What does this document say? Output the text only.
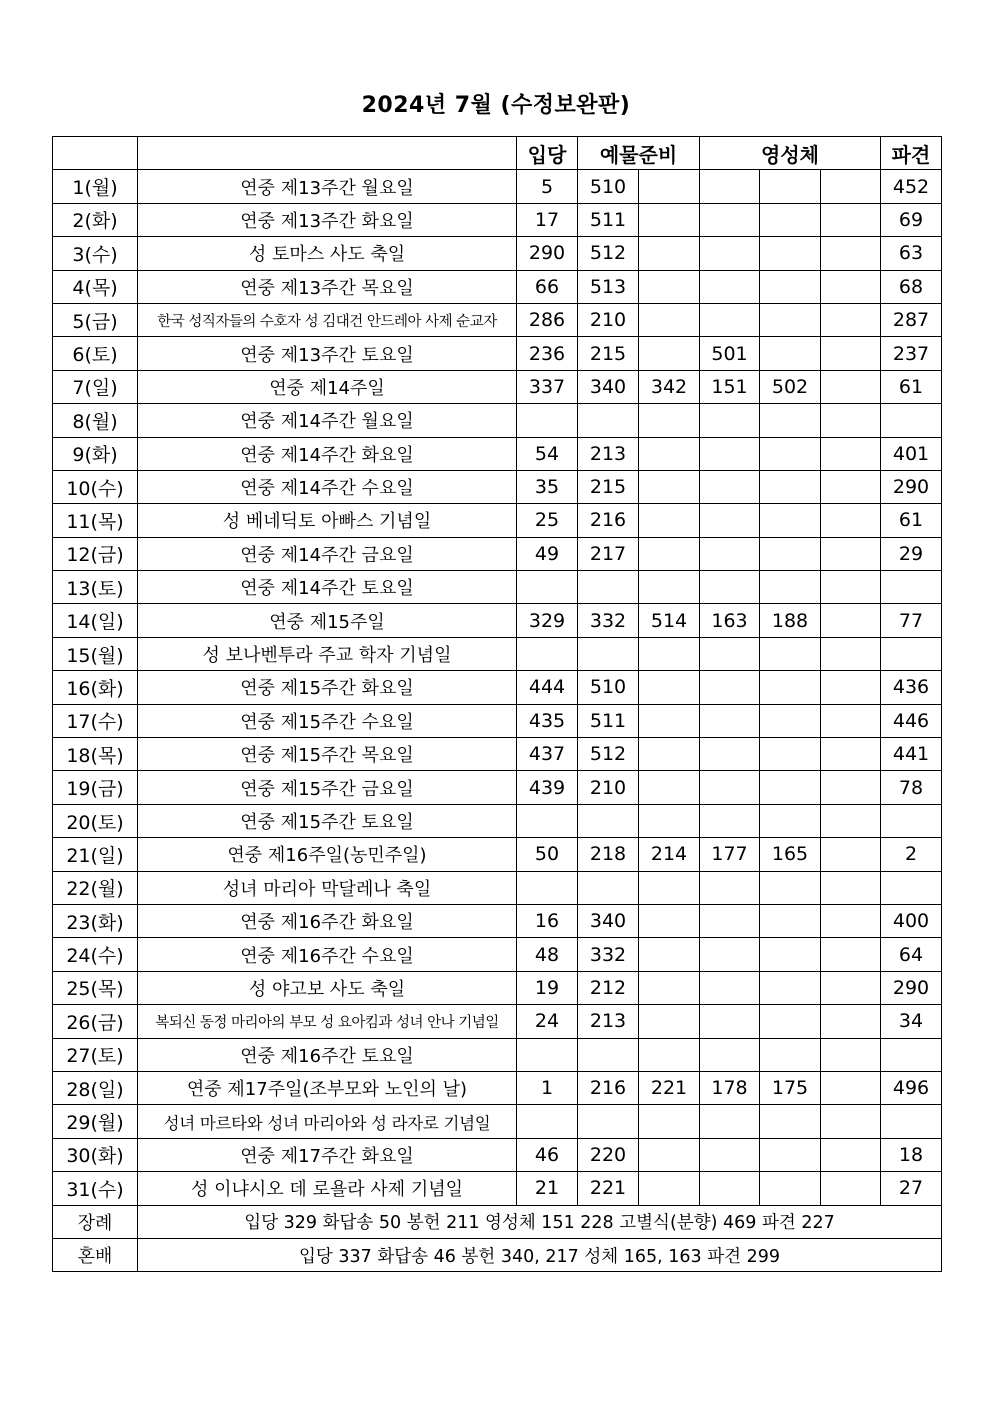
2024년 7월 (수정보완판)
		입당	예물준비		영성체			파견
1(월)	연중 제13주간 월요일	5	510					452
2(화)	연중 제13주간 화요일	17	511					69
3(수)	성 토마스 사도 축일	290	512					63
4(목)	연중 제13주간 목요일	66	513					68
5(금)	한국 성직자들의 수호자 성 김대건 안드레아 사제 순교자	286	210					287
6(토)	연중 제13주간 토요일	236	215		501			237
7(일)	연중 제14주일	337	340	342	151	502		61
8(월)	연중 제14주간 월요일							
9(화)	연중 제14주간 화요일	54	213					401
10(수)	연중 제14주간 수요일	35	215					290
11(목)	성 베네딕토 아빠스 기념일	25	216					61
12(금)	연중 제14주간 금요일	49	217					29
13(토)	연중 제14주간 토요일							
14(일)	연중 제15주일	329	332	514	163	188		77
15(월)	성 보나벤투라 주교 학자 기념일							
16(화)	연중 제15주간 화요일	444	510					436
17(수)	연중 제15주간 수요일	435	511					446
18(목)	연중 제15주간 목요일	437	512					441
19(금)	연중 제15주간 금요일	439	210					78
20(토)	연중 제15주간 토요일							
21(일)	연중 제16주일(농민주일)	50	218	214	177	165		2
22(월)	성녀 마리아 막달레나 축일							
23(화)	연중 제16주간 화요일	16	340					400
24(수)	연중 제16주간 수요일	48	332					64
25(목)	성 야고보 사도 축일	19	212					290
26(금)	복되신 동정 마리아의 부모 성 요아킴과 성녀 안나 기념일	24	213					34
27(토)	연중 제16주간 토요일							
28(일)	연중 제17주일(조부모와 노인의 날)	1	216	221	178	175		496
29(월)	성녀 마르타와 성녀 마리아와 성 라자로 기념일							
30(화)	연중 제17주간 화요일	46	220					18
31(수)	성 이냐시오 데 로욜라 사제 기념일	21	221					27
장례	입당 329 화답송 50 봉헌 211 영성체 151 228 고별식(분향) 469 파견 227							
혼배	입당 337 화답송 46 봉헌 340, 217 성체 165, 163 파견 299							
